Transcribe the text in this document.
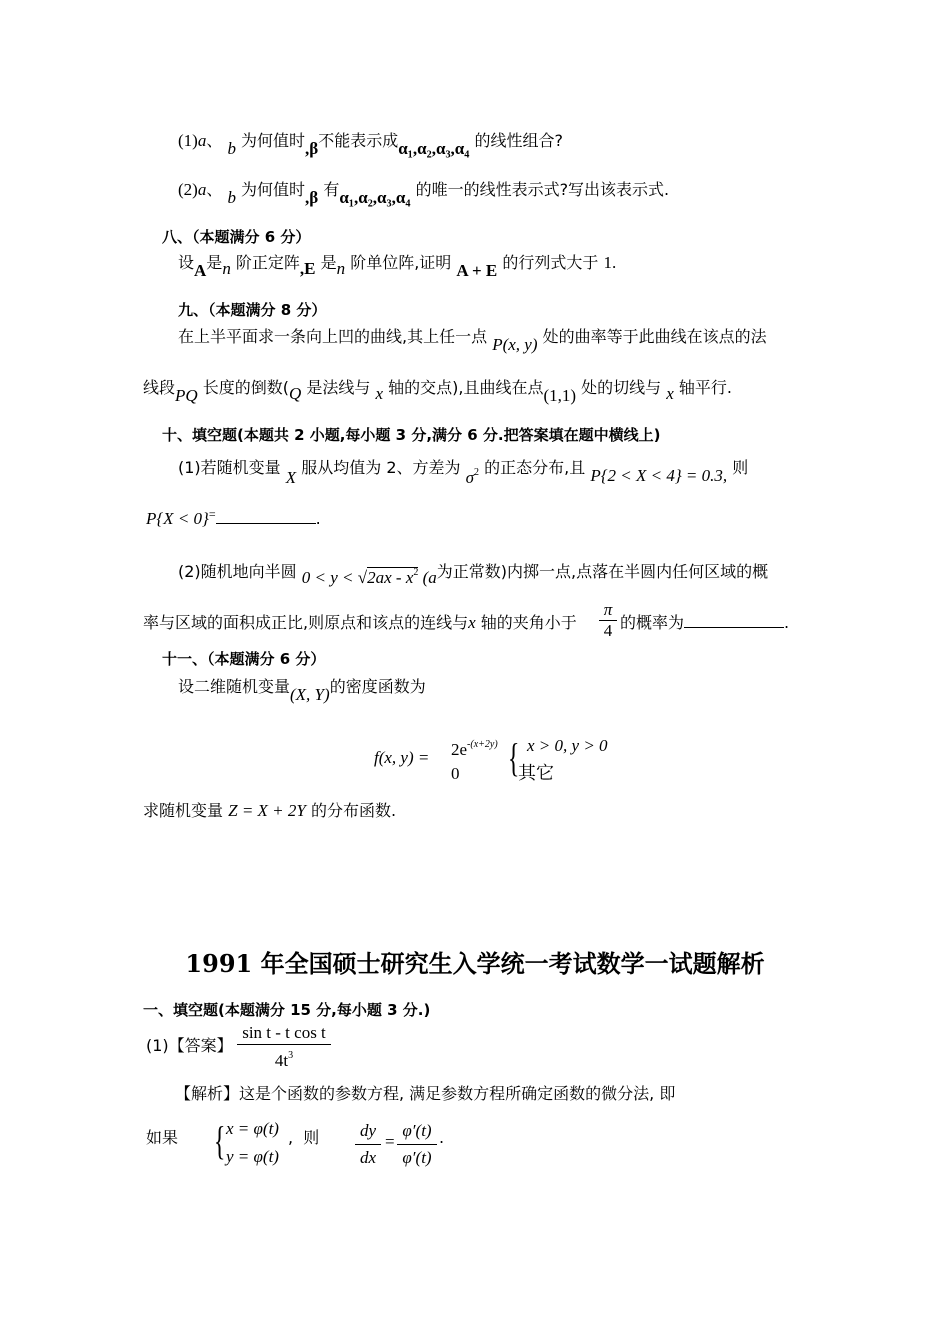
(1)a、 b 为何值时,β不能表示成α₁,α₂,α₃,α₄ 的线性组合?
(2)a、 b 为何值时,β 有α₁,α₂,α₃,α₄ 的唯一的线性表示式?写出该表示式.
八、（本题满分 6 分）
设A是n 阶正定阵,E 是n 阶单位阵,证明 A + E 的行列式大于 1.
九、（本题满分 8 分）
在上半平面求一条向上凹的曲线,其上任一点 P(x, y) 处的曲率等于此曲线在该点的法
线段PQ 长度的倒数(Q 是法线与 x 轴的交点),且曲线在点(1,1) 处的切线与 x 轴平行.
十、填空题(本题共 2 小题,每小题 3 分,满分 6 分.把答案填在题中横线上)
(1)若随机变量 X 服从均值为 2、方差为 $\sigma^2$ 的正态分布,且 P{2 < X < 4} = 0.3, 则
P{X < 0}=	.
(2)随机地向半圆 $0 < y < √2ax - x^2$ (a为正常数)内掷一点,点落在半圆内任何区域的概
率与区域的面积成正比,则原点和该点的连线与x 轴的夹角小于 $\frac{\pi}{4}$ 的概率为	.
十一、（本题满分 6 分）
设二维随机变量(X, Y)的密度函数为
f(x, $y) = 2e^{-(x+2y)}$
0 { x > 0, y > 0
其它
求随机变量 Z = X + 2Y 的分布函数.
1991 年全国硕士研究生入学统一考试数学一试题解析
一、填空题(本题满分 15 分,每小题 3 分.)
(1)【答案】 $\frac{\text{sin t - t cos t}}{4t^3}$
【解析】这是个函数的参数方程, 满足参数方程所确定函数的微分法, 即
如果 { x = φ(t)
y = φ(t)
, 则 $\frac{dy}{dx} = \frac{\varphi'(t)}{\varphi'(t)}$ .
